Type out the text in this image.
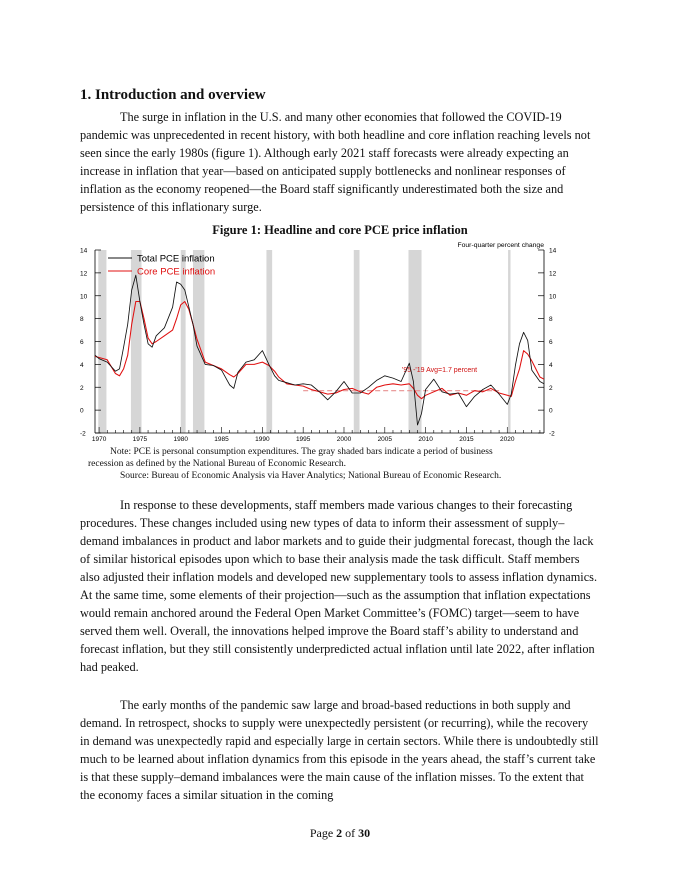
1. Introduction and overview

The surge in inflation in the U.S. and many other economies that followed the COVID-19 pandemic was unprecedented in recent history, with both headline and core inflation reaching levels not seen since the early 1980s (figure 1). Although early 2021 staff forecasts were already expecting an increase in inflation that year—based on anticipated supply bottlenecks and nonlinear responses of inflation as the economy reopened—the Board staff significantly underestimated both the size and persistence of this inflationary surge.

Figure 1: Headline and core PCE price inflation
-2	-2
0	0
2	2
4	4
6	6
8	8
10	10
12	12
14	14
1970	1975	1980	1985	1990	1995	2000	2005	2010	2015	2020
'95 -'19 Avg=1.7 percent
Four-quarter percent change
Total PCE inflation
Core PCE inflation

Note: PCE is personal consumption expenditures. The gray shaded bars indicate a period of business

recession as defined by the National Bureau of Economic Research.

Source: Bureau of Economic Analysis via Haver Analytics; National Bureau of Economic Research.

In response to these developments, staff members made various changes to their forecasting procedures. These changes included using new types of data to inform their assessment of supply–demand imbalances in product and labor markets and to guide their judgmental forecast, though the lack of similar historical episodes upon which to base their analysis made the task difficult. Staff members also adjusted their inflation models and developed new supplementary tools to assess inflation dynamics. At the same time, some elements of their projection—such as the assumption that inflation expectations would remain anchored around the Federal Open Market Committee’s (FOMC) target—seem to have served them well. Overall, the innovations helped improve the Board staff’s ability to understand and forecast inflation, but they still consistently underpredicted actual inflation until late 2022, after inflation had peaked.

The early months of the pandemic saw large and broad-based reductions in both supply and demand. In retrospect, shocks to supply were unexpectedly persistent (or recurring), while the recovery in demand was unexpectedly rapid and especially large in certain sectors. While there is undoubtedly still much to be learned about inflation dynamics from this episode in the years ahead, the staff’s current take is that these supply–demand imbalances were the main cause of the inflation misses. To the extent that the economy faces a similar situation in the coming

Page 2 of 30
